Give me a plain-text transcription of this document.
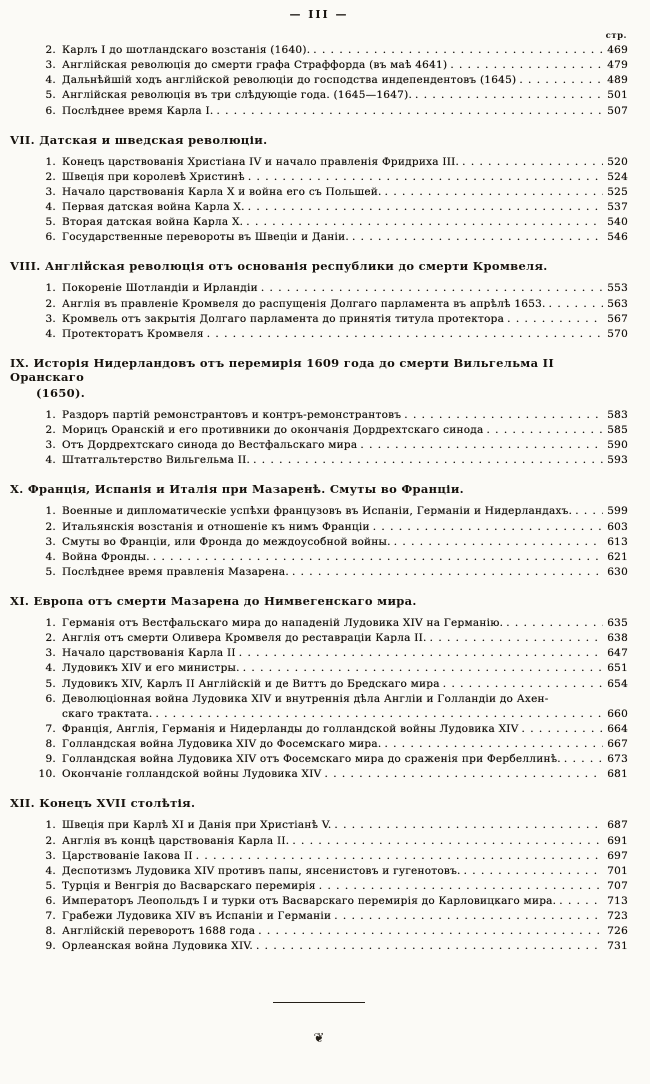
— III —
стр.
2. Карлъ I до шотландскаго возстанія (1640). . . .	469
3. Англійская революція до смерти графа Страффорда (въ маѣ 4641) . . .	479
4. Дальнѣйшій ходъ англійской революціи до господства индепендентовъ (1645) . . .	489
5. Англійская революція въ три слѣдующіе года. (1645—1647). . . .	501
6. Послѣднее время Карла I. . . .	507
VII. Датская и шведская революціи.
1. Конецъ царствованія Христіана IV и начало правленія Фридриха III. . . .	520
2. Швеція при королевѣ Христинѣ . . .	524
3. Начало царствованія Карла X и война его съ Польшей. . . .	525
4. Первая датская война Карла X. . . .	537
5. Вторая датская война Карла X. . . .	540
6. Государственные перевороты въ Швеціи и Даніи. . . .	546
VIII. Англійская революція отъ основанія республики до смерти Кромвеля.
1. Покореніе Шотландіи и Ирландіи . . .	553
2. Англія въ правленіе Кромвеля до распущенія Долгаго парламента въ апрѣлѣ 1653. . . .	563
3. Кромвель отъ закрытія Долгаго парламента до принятія титула протектора . . .	567
4. Протекторатъ Кромвеля . . .	570
IX. Исторія Нидерландовъ отъ перемирія 1609 года до смерти Вильгельма II Оранскаго
(1650).
1. Раздоръ партій ремонстрантовъ и контръ-ремонстрантовъ . . .	583
2. Морицъ Оранскій и его противники до окончанія Дордрехтскаго синода . . .	585
3. Отъ Дордрехтскаго синода до Вестфальскаго мира . . .	590
4. Штатгальтерство Вильгельма II. . . .	593
X. Франція, Испанія и Италія при Мазаренѣ. Смуты во Франціи.
1. Военные и дипломатическіе успѣхи французовъ въ Испаніи, Германіи и Нидерландахъ. . . .	599
2. Итальянскія возстанія и отношеніе къ нимъ Франціи . . .	603
3. Смуты во Франціи, или Фронда до междоусобной войны. . . .	613
4. Война Фронды. . . .	621
5. Послѣднее время правленія Мазарена. . . .	630
XI. Европа отъ смерти Мазарена до Нимвегенскаго мира.
1. Германія отъ Вестфальскаго мира до нападеній Лудовика XIV на Германію. . . .	635
2. Англія отъ смерти Оливера Кромвеля до реставраціи Карла II. . . .	638
3. Начало царствованія Карла II . . .	647
4. Лудовикъ XIV и его министры. . . .	651
5. Лудовикъ XIV, Карлъ II Англійскій и де Виттъ до Бредскаго мира . . .	654
6. Деволюціонная война Лудовика XIV и внутреннія дѣла Англіи и Голландіи до Ахен-
скаго трактата. . . .	660
7. Франція, Англія, Германія и Нидерланды до голландской войны Лудовика XIV . . .	664
8. Голландская война Лудовика XIV до Фосемскаго мира. . . .	667
9. Голландская война Лудовика XIV отъ Фосемскаго мира до сраженія при Фербеллинѣ. . . .	673
10. Окончаніе голландской войны Лудовика XIV . . .	681
XII. Конецъ XVII столѣтія.
1. Швеція при Карлѣ XI и Данія при Христіанѣ V. . . .	687
2. Англія въ концѣ царствованія Карла II. . . .	691
3. Царствованіе Іакова II . . .	697
4. Деспотизмъ Лудовика XIV противъ папы, янсенистовъ и гугенотовъ. . . .	701
5. Турція и Венгрія до Васварскаго перемирія . . .	707
6. Императоръ Леопольдъ I и турки отъ Васварскаго перемирія до Карловицкаго мира. . . .	713
7. Грабежи Лудовика XIV въ Испаніи и Германіи . . .	723
8. Англійскій переворотъ 1688 года . . .	726
9. Орлеанская война Лудовика XIV. . . .	731
❦
